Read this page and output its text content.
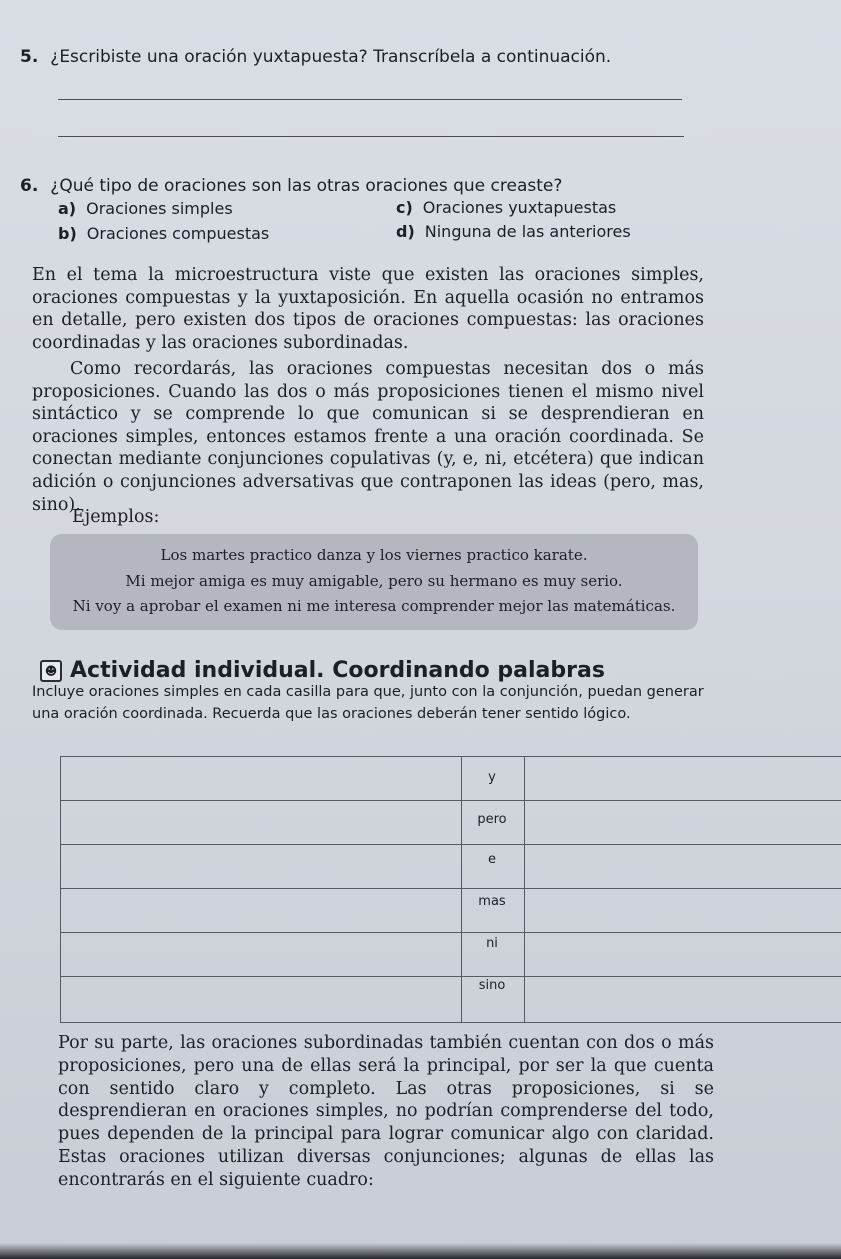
5. ¿Escribiste una oración yuxtapuesta? Transcríbela a continuación.
6. ¿Qué tipo de oraciones son las otras oraciones que creaste?
a) Oraciones simples
b) Oraciones compuestas
c) Oraciones yuxtapuestas
d) Ninguna de las anteriores

En el tema la microestructura viste que existen las oraciones simples, oraciones compuestas y la yuxtaposición. En aquella ocasión no entramos en detalle, pero existen dos tipos de oraciones compuestas: las oraciones coordinadas y las oraciones subordinadas.

Como recordarás, las oraciones compuestas necesitan dos o más proposiciones. Cuando las dos o más proposiciones tienen el mismo nivel sintáctico y se comprende lo que comunican si se desprendieran en oraciones simples, entonces estamos frente a una oración coordinada. Se conectan mediante conjunciones copulativas (y, e, ni, etcétera) que indican adición o conjunciones adversativas que contraponen las ideas (pero, mas, sino).

Ejemplos:
Los martes practico danza y los viernes practico karate.
Mi mejor amiga es muy amigable, pero su hermano es muy serio.
Ni voy a aprobar el examen ni me interesa comprender mejor las matemáticas.
☻ Actividad individual. Coordinando palabras
Incluye oraciones simples en cada casilla para que, junto con la conjunción, puedan generar
una oración coordinada. Recuerda que las oraciones deberán tener sentido lógico.
y
pero
e
mas
ni
sino

Por su parte, las oraciones subordinadas también cuentan con dos o más proposiciones, pero una de ellas será la principal, por ser la que cuenta con sentido claro y completo. Las otras proposiciones, si se desprendieran en oraciones simples, no podrían comprenderse del todo, pues dependen de la principal para lograr comunicar algo con claridad. Estas oraciones utilizan diversas conjunciones; algunas de ellas las encontrarás en el siguiente cuadro:
